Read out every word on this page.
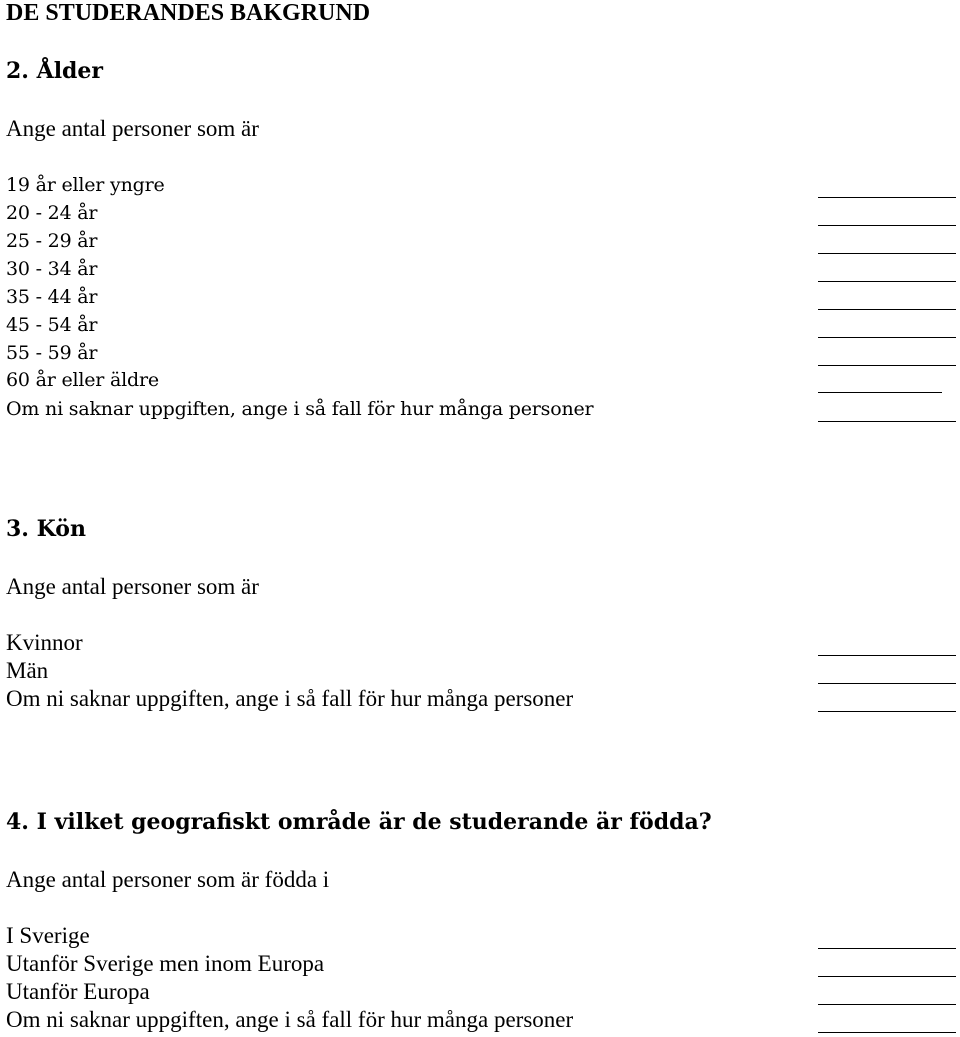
DE STUDERANDES BAKGRUND
2. Ålder
Ange antal personer som är
19 år eller yngre
20 - 24 år
25 - 29 år
30 - 34 år
35 - 44 år
45 - 54 år
55 - 59 år
60 år eller äldre
Om ni saknar uppgiften, ange i så fall för hur många personer
3. Kön
Ange antal personer som är
Kvinnor
Män
Om ni saknar uppgiften, ange i så fall för hur många personer
4. I vilket geografiskt område är de studerande är födda?
Ange antal personer som är födda i
I Sverige
Utanför Sverige men inom Europa
Utanför Europa
Om ni saknar uppgiften, ange i så fall för hur många personer
